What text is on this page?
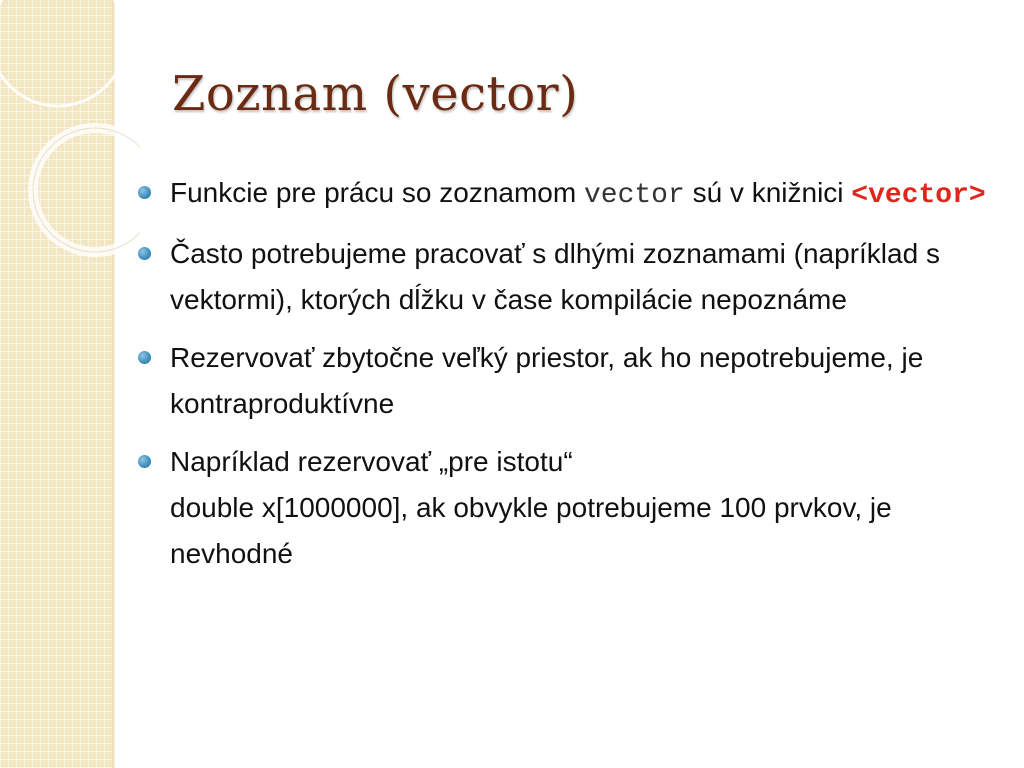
Zoznam (vector)
Funkcie pre prácu so zoznamom vector sú v knižnici <vector>
Často potrebujeme pracovať s dlhými zoznamami (napríklad s vektormi), ktorých dĺžku v čase kompilácie nepoznáme
Rezervovať zbytočne veľký priestor, ak ho nepotrebujeme, je kontraproduktívne
Napríklad rezervovať „pre istotu“
double x[1000000], ak obvykle potrebujeme 100 prvkov, je nevhodné
